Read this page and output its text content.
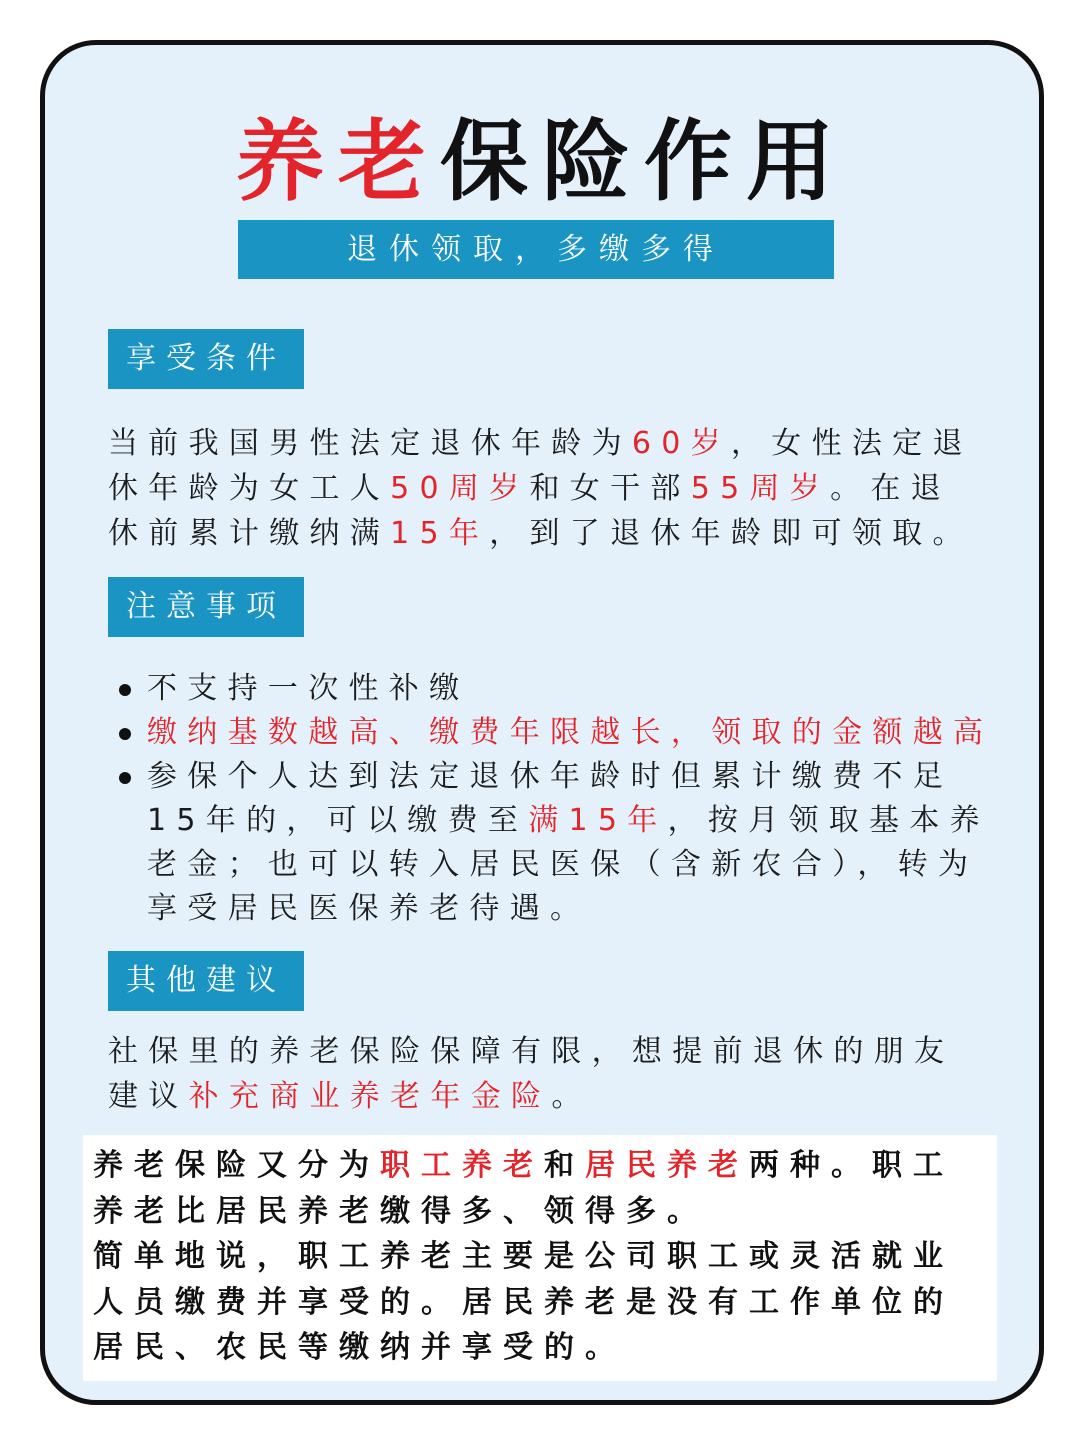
养老保险作用
退休领取，多缴多得
享受条件
当前我国男性法定退休年龄为60岁，女性法定退休年龄为女工人50周岁和女干部55周岁。在退休前累计缴纳满15年，到了退休年龄即可领取。
注意事项
不支持一次性补缴
缴纳基数越高、缴费年限越长，领取的金额越高
参保个人达到法定退休年龄时但累计缴费不足15年的，可以缴费至满15年，按月领取基本养老金；也可以转入居民医保（含新农合），转为享受居民医保养老待遇。
其他建议
社保里的养老保险保障有限，想提前退休的朋友建议补充商业养老年金险。
养老保险又分为职工养老和居民养老两种。职工养老比居民养老缴得多、领得多。
简单地说，职工养老主要是公司职工或灵活就业人员缴费并享受的。居民养老是没有工作单位的居民、农民等缴纳并享受的。
